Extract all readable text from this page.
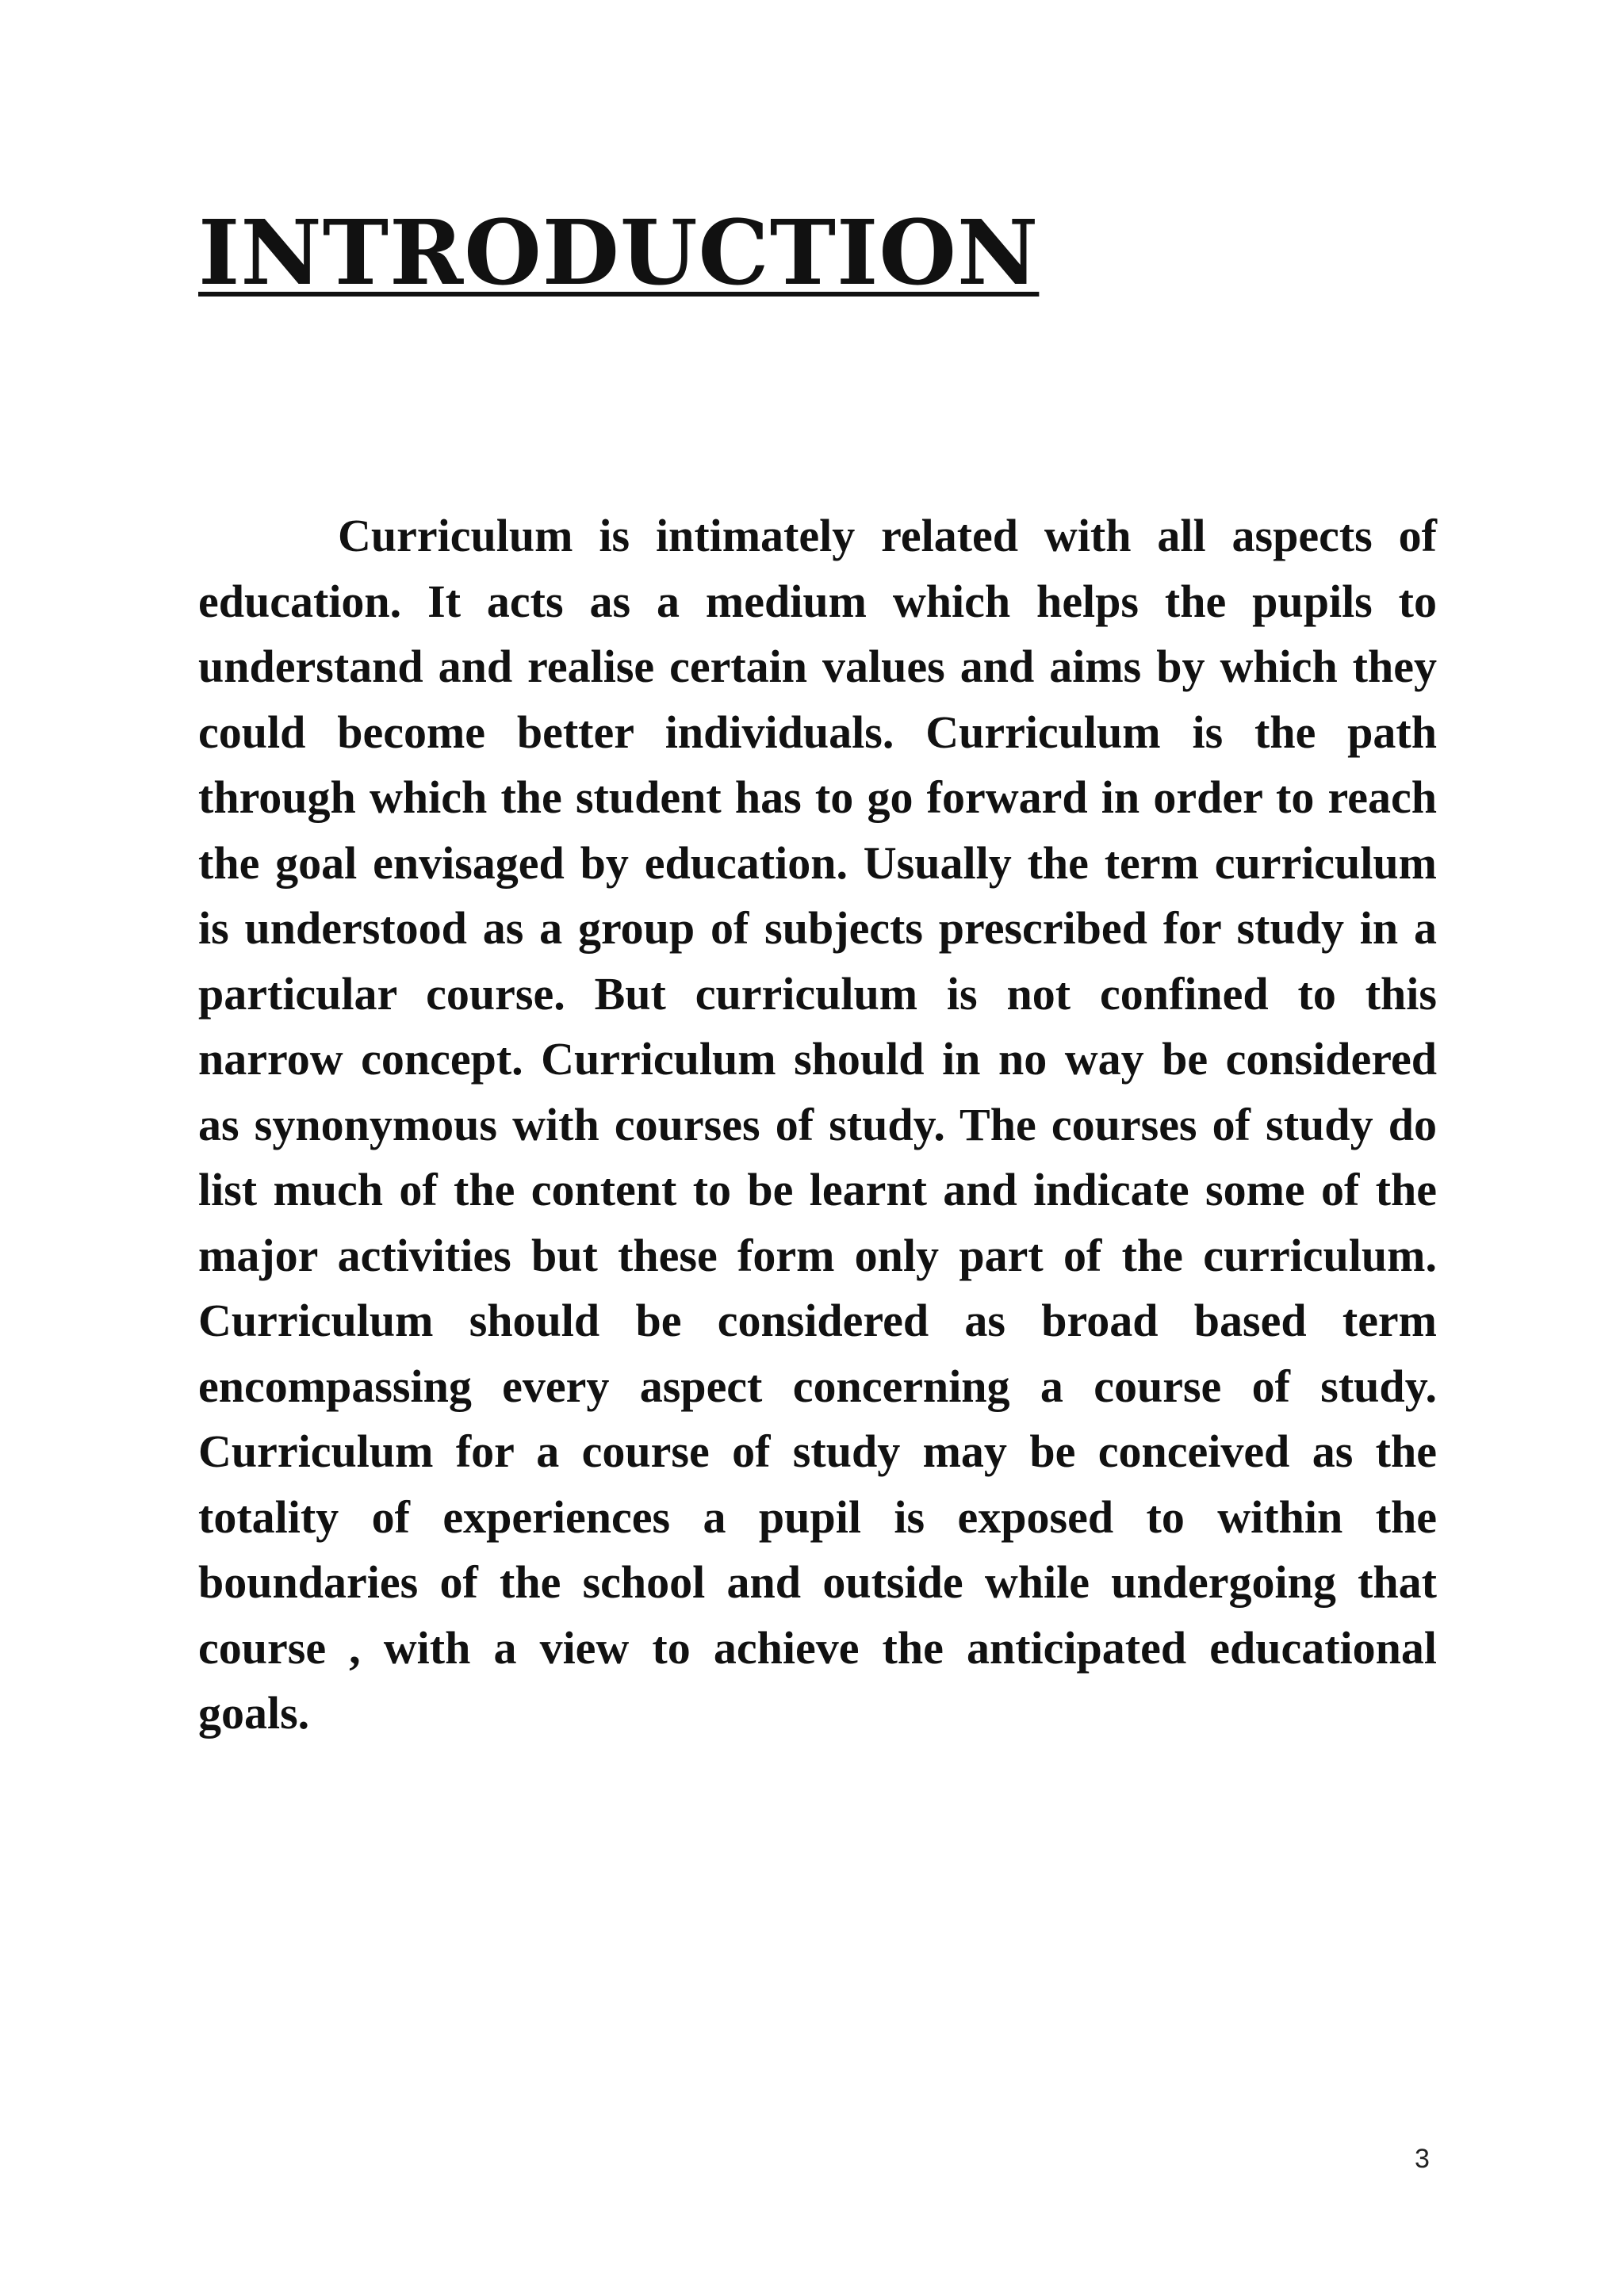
INTRODUCTION

Curriculum is intimately related with all aspects of education. It acts as a medium which helps the pupils to understand and realise certain values and aims by which they could become better individuals. Curriculum is the path through which the student has to go forward in order to reach the goal envisaged by education. Usually the term curriculum is understood as a group of subjects prescribed for study in a particular course. But curriculum is not confined to this narrow concept. Curriculum should in no way be considered as synonymous with courses of study. The courses of study do list much of the content to be learnt and indicate some of the major activities but these form only part of the curriculum. Curriculum should be considered as broad based term encompassing every aspect concerning a course of study. Curriculum for a course of study may be conceived as the totality of experiences a pupil is exposed to within the boundaries of the school and outside while undergoing that course , with a view to achieve the anticipated educational goals.

3
